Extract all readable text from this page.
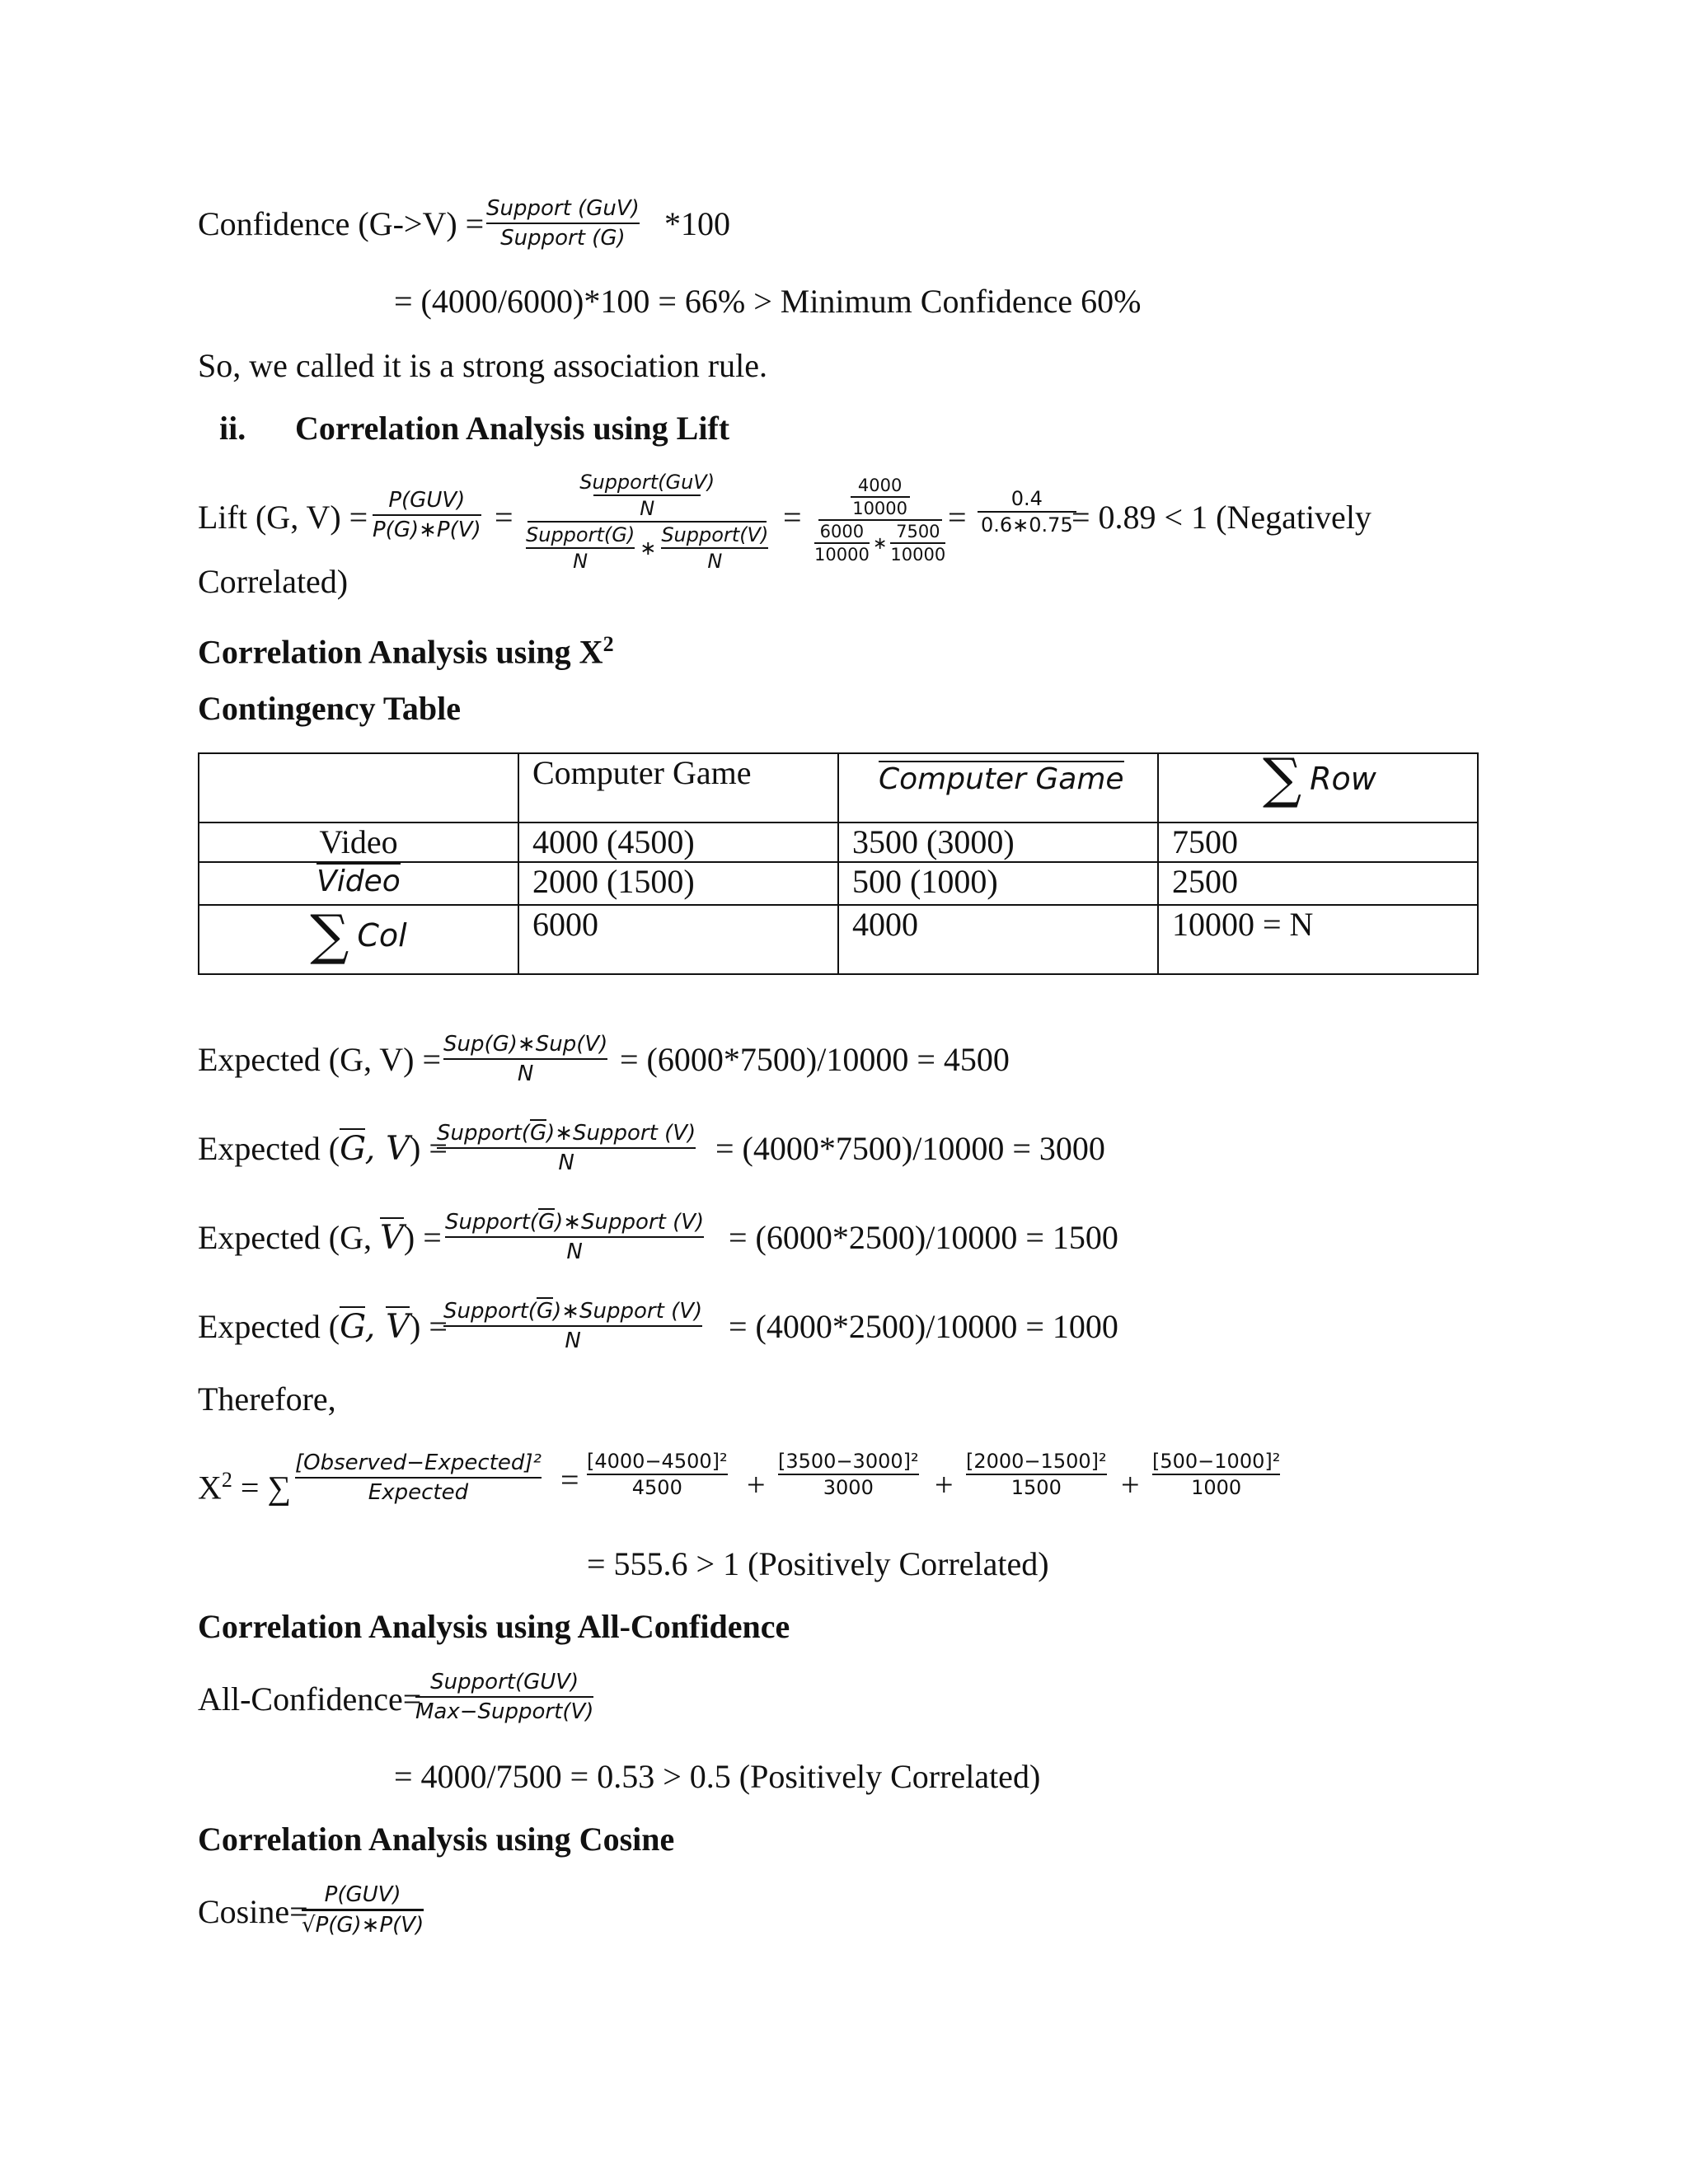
Confidence (G->V) = Support (GuV)
Support (G) *100
= (4000/6000)*100 = 66% > Minimum Confidence 60%
So, we called it is a strong association rule.
ii. Correlation Analysis using Lift
Lift (G, V) = P(GUV)
P(G)∗P(V) =
Support(GuV)
N
Support(G)
N
∗
Support(V)
N
=
4000
10000
6000
10000
∗
7500
10000
= 0.4
0.6∗0.75
= 0.89 < 1 (Negatively
Correlated)
Correlation Analysis using $X^2$
Contingency Table
	Computer Game	Computer Game	∑ Row
Video	4000 (4500)	3500 (3000)	7500
Video	2000 (1500)	500 (1000)	2500
∑ Col	6000	4000	10000 = N
Expected (G, V) = Sup(G)∗Sup(V)
N	= (6000*7500)/10000 = 4500
Expected (G, V) =
Support(G)∗Support (V)
N	= (4000*7500)/10000 = 3000
Expected (G, V) = Support(G)∗Support (V)
N	= (6000*2500)/10000 = 1500
Expected (G, V) =
Support(G)∗Support (V)
N	= (4000*2500)/10000 = 1000
Therefore,
$X^2$ = ∑
[Observed−Expected]²
Expected	= [4000−4500]²
4500 +
[3500−3000]²
3000 +
[2000−1500]²
1500 +
[500−1000]²
1000
= 555.6 > 1 (Positively Correlated)
Correlation Analysis using All-Confidence
All-Confidence= Support(GUV)
Max−Support(V)
= 4000/7500 = 0.53 > 0.5 (Positively Correlated)
Correlation Analysis using Cosine
Cosine= P(GUV)
√P(G)∗P(V)
